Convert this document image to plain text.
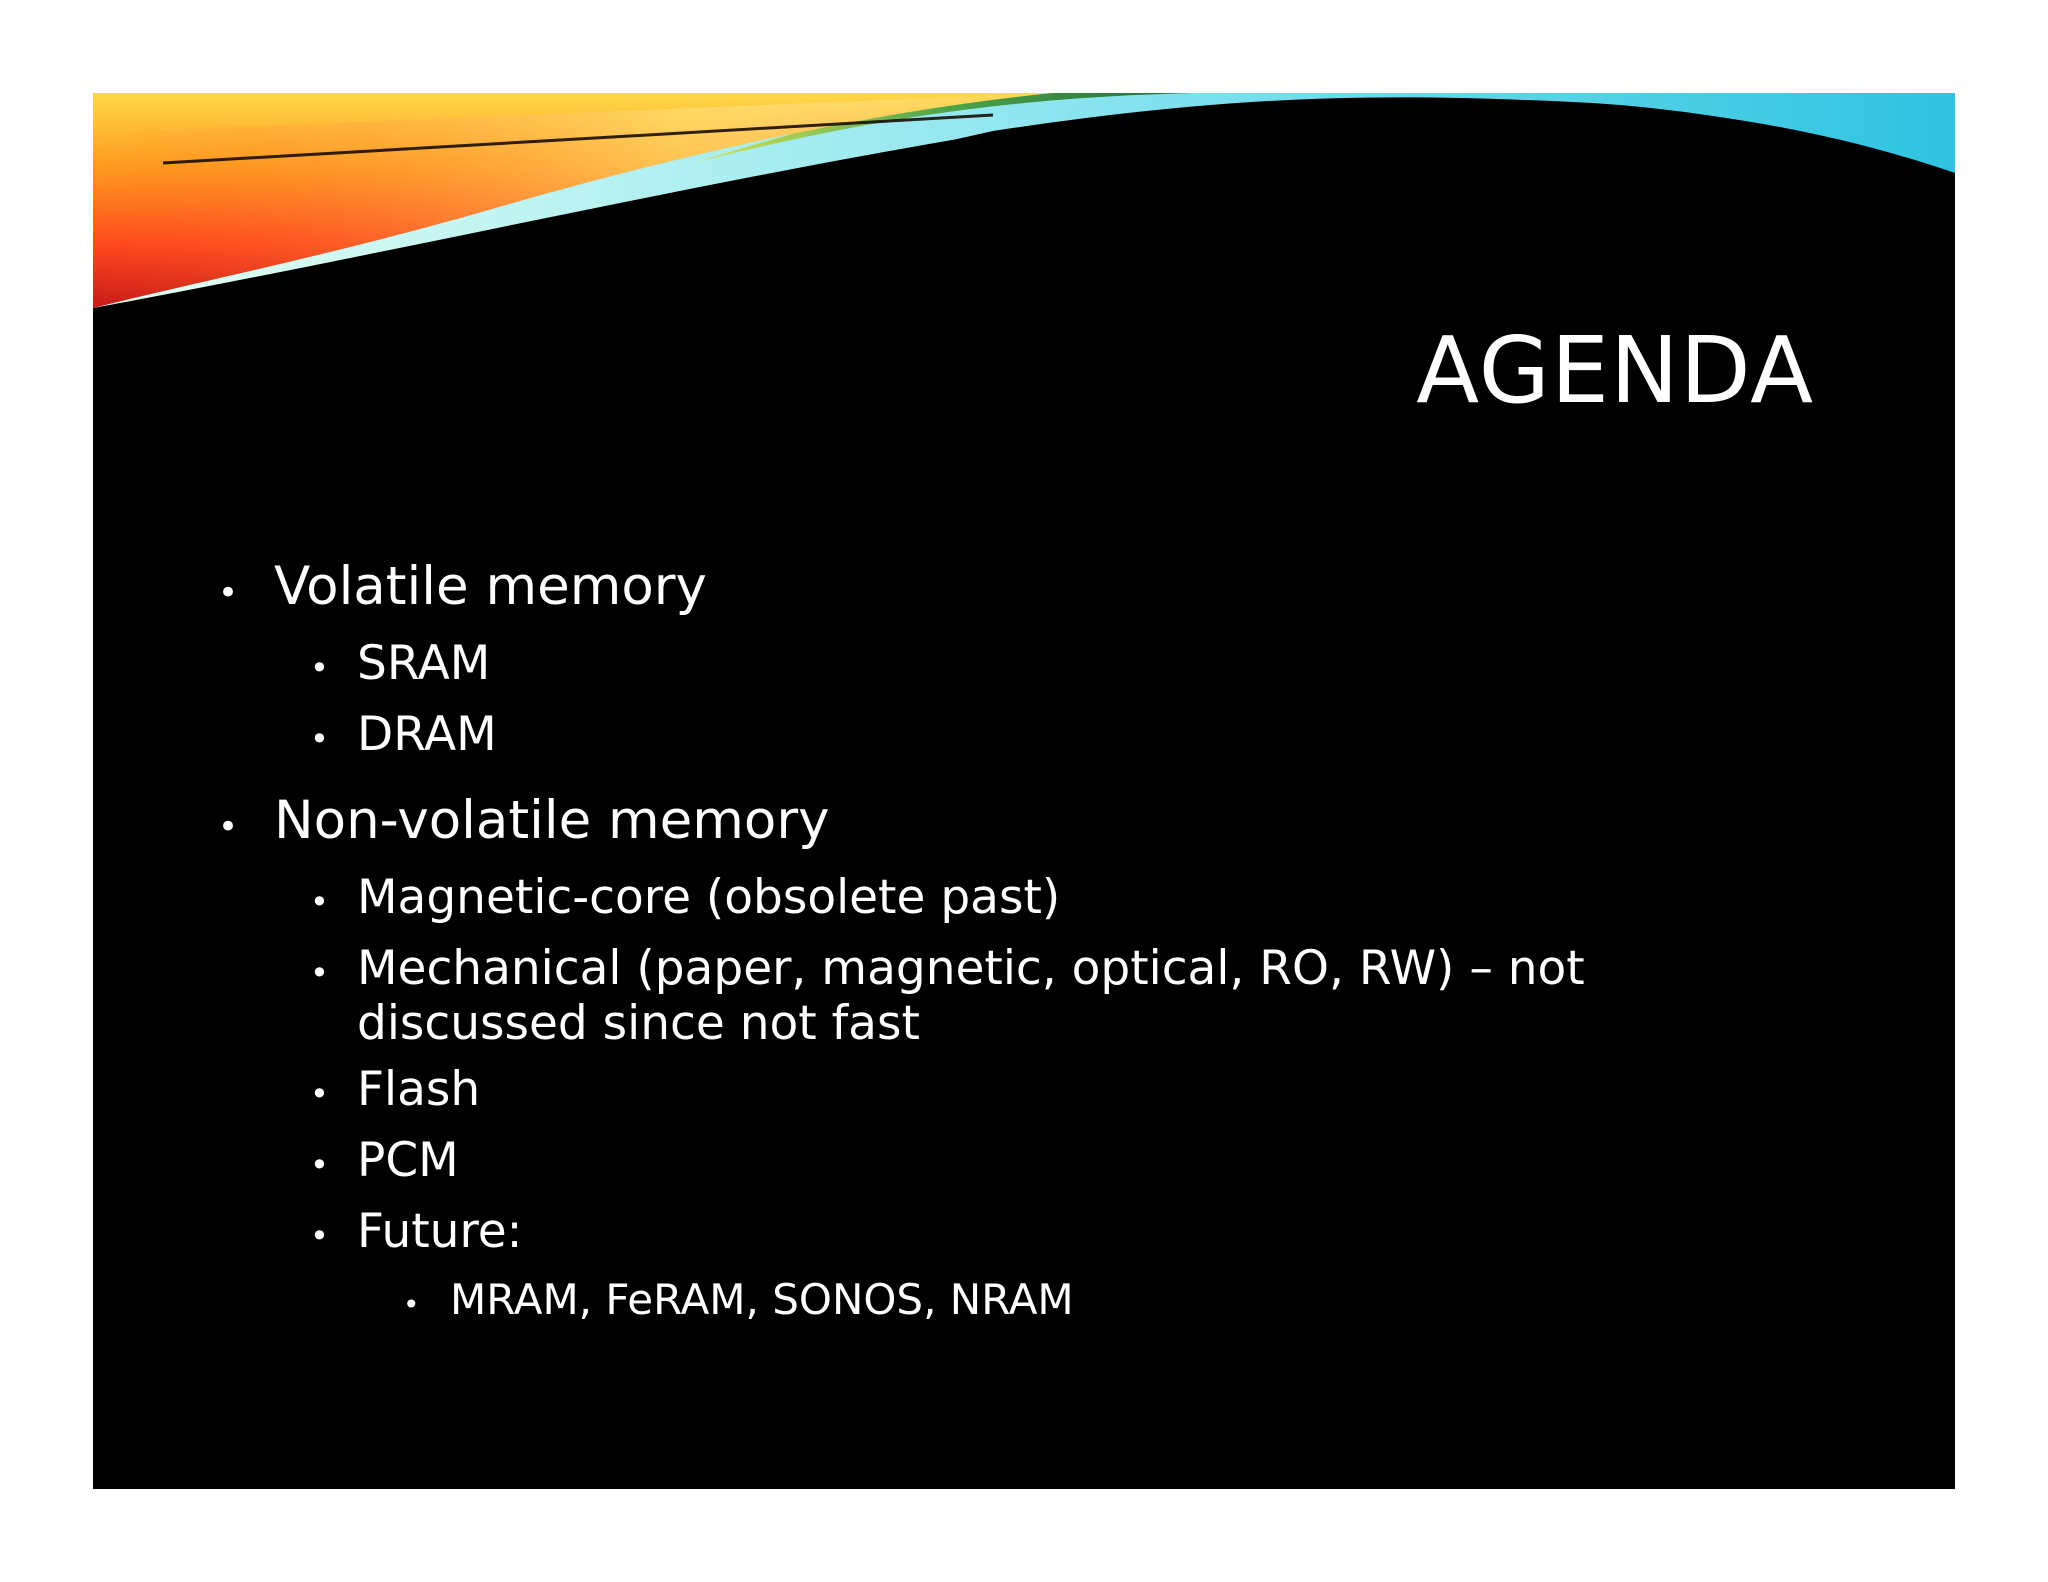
AGENDA
• Volatile memory
• SRAM
• DRAM
• Non-volatile memory
• Magnetic-core (obsolete past)
• Mechanical (paper, magnetic, optical, RO, RW) – not discussed since not fast
• Flash
• PCM
• Future:
• MRAM, FeRAM, SONOS, NRAM
